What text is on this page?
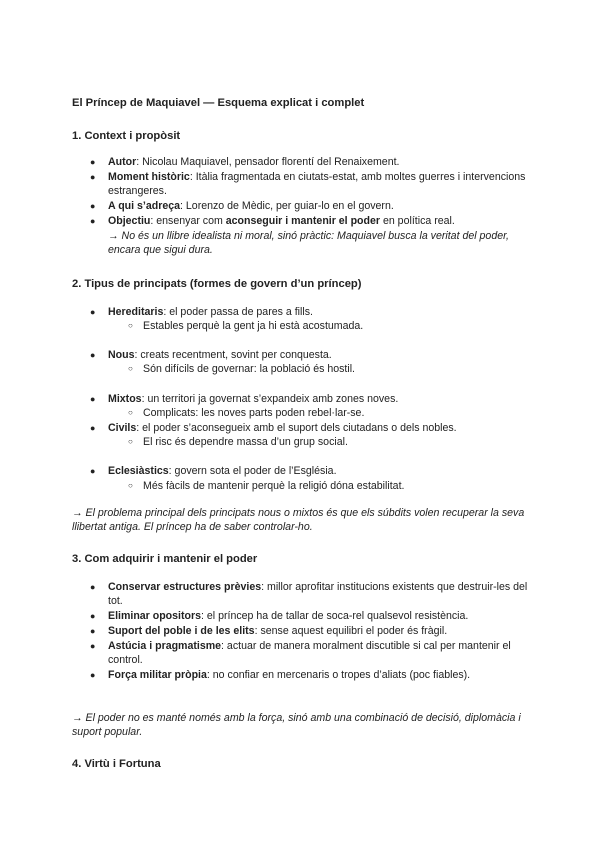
El Príncep de Maquiavel — Esquema explicat i complet
1. Context i propòsit
● Autor: Nicolau Maquiavel, pensador florentí del Renaixement.
● Moment històric: Itàlia fragmentada en ciutats-estat, amb moltes guerres i intervencions estrangeres.
● A qui s’adreça: Lorenzo de Mèdic, per guiar-lo en el govern.
● Objectiu: ensenyar com aconseguir i mantenir el poder en política real.
→ No és un llibre idealista ni moral, sinó pràctic: Maquiavel busca la veritat del poder, encara que sigui dura.
2. Tipus de principats (formes de govern d’un príncep)
● Hereditaris: el poder passa de pares a fills.
○ Estables perquè la gent ja hi està acostumada.
● Nous: creats recentment, sovint per conquesta.
○ Són difícils de governar: la població és hostil.
● Mixtos: un territori ja governat s’expandeix amb zones noves.
○ Complicats: les noves parts poden rebel·lar-se.
● Civils: el poder s’aconsegueix amb el suport dels ciutadans o dels nobles.
○ El risc és dependre massa d’un grup social.
● Eclesiàstics: govern sota el poder de l’Església.
○ Més fàcils de mantenir perquè la religió dóna estabilitat.
→ El problema principal dels principats nous o mixtos és que els súbdits volen recuperar la seva llibertat antiga. El príncep ha de saber controlar-ho.
3. Com adquirir i mantenir el poder
● Conservar estructures prèvies: millor aprofitar institucions existents que destruir-les del tot.
● Eliminar opositors: el príncep ha de tallar de soca-rel qualsevol resistència.
● Suport del poble i de les elits: sense aquest equilibri el poder és fràgil.
● Astúcia i pragmatisme: actuar de manera moralment discutible si cal per mantenir el control.
● Força militar pròpia: no confiar en mercenaris o tropes d’aliats (poc fiables).
→ El poder no es manté només amb la força, sinó amb una combinació de decisió, diplomàcia i suport popular.
4. Virtù i Fortuna
